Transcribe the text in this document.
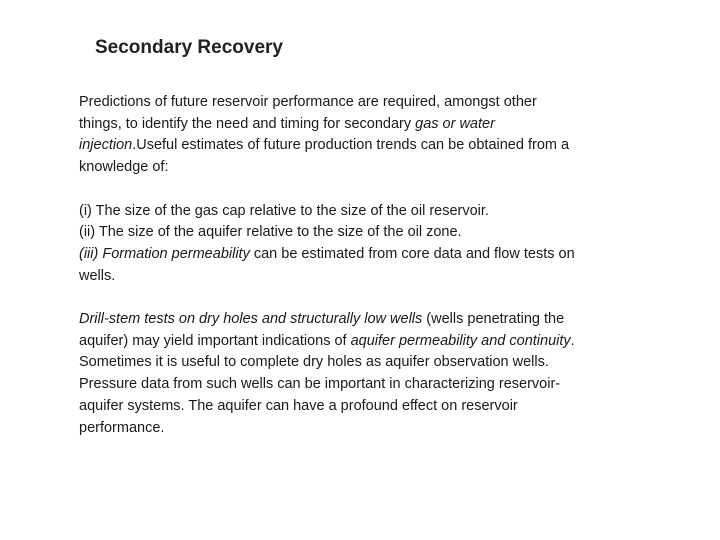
Secondary Recovery

Predictions of future reservoir performance are required, amongst other
things, to identify the need and timing for secondary gas or water
injection.Useful estimates of future production trends can be obtained from a
knowledge of:

(i) The size of the gas cap relative to the size of the oil reservoir.
(ii) The size of the aquifer relative to the size of the oil zone.
(iii) Formation permeability can be estimated from core data and flow tests on
wells.

Drill-stem tests on dry holes and structurally low wells (wells penetrating the
aquifer) may yield important indications of aquifer permeability and continuity.
Sometimes it is useful to complete dry holes as aquifer observation wells.
Pressure data from such wells can be important in characterizing reservoir-
aquifer systems. The aquifer can have a profound effect on reservoir
performance.
